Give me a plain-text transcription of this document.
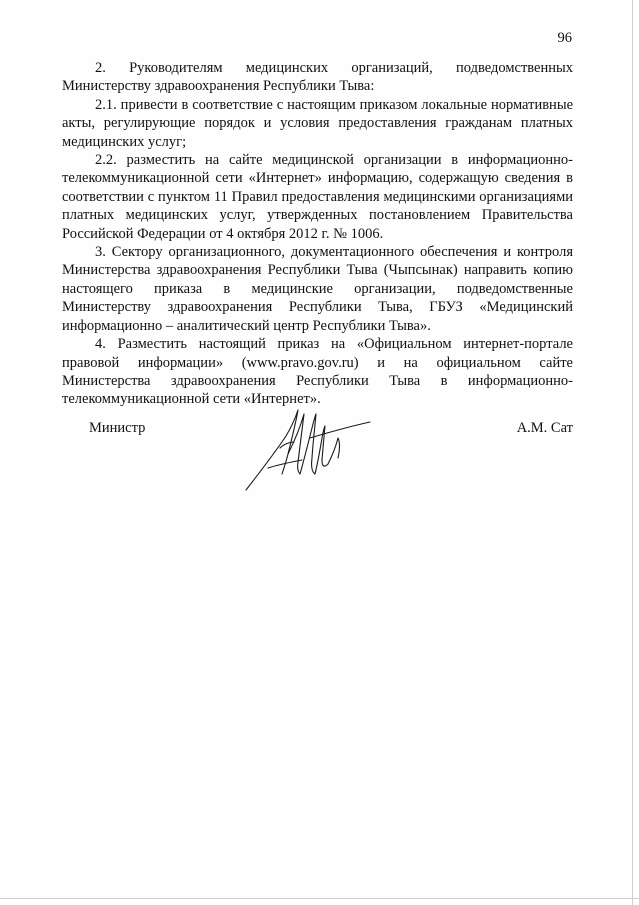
96

2. Руководителям медицинских организаций, подведомственных Министерству здравоохранения Республики Тыва:

2.1. привести в соответствие с настоящим приказом локальные нормативные акты, регулирующие порядок и условия предоставления гражданам платных медицинских услуг;

2.2. разместить на сайте медицинской организации в информационно-телекоммуникационной сети «Интернет» информацию, содержащую сведения в соответствии с пунктом 11 Правил предоставления медицинскими организациями платных медицинских услуг, утвержденных постановлением Правительства Российской Федерации от 4 октября 2012 г. № 1006.

3. Сектору организационного, документационного обеспечения и контроля Министерства здравоохранения Республики Тыва (Чыпсынак) направить копию настоящего приказа в медицинские организации, подведомственные Министерству здравоохранения Республики Тыва, ГБУЗ «Медицинский информационно – аналитический центр Республики Тыва».

4. Разместить настоящий приказ на «Официальном интернет-портале правовой информации» (www.pravo.gov.ru) и на официальном сайте Министерства здравоохранения Республики Тыва в информационно-телекоммуникационной сети «Интернет».

Министр	А.М. Сат
